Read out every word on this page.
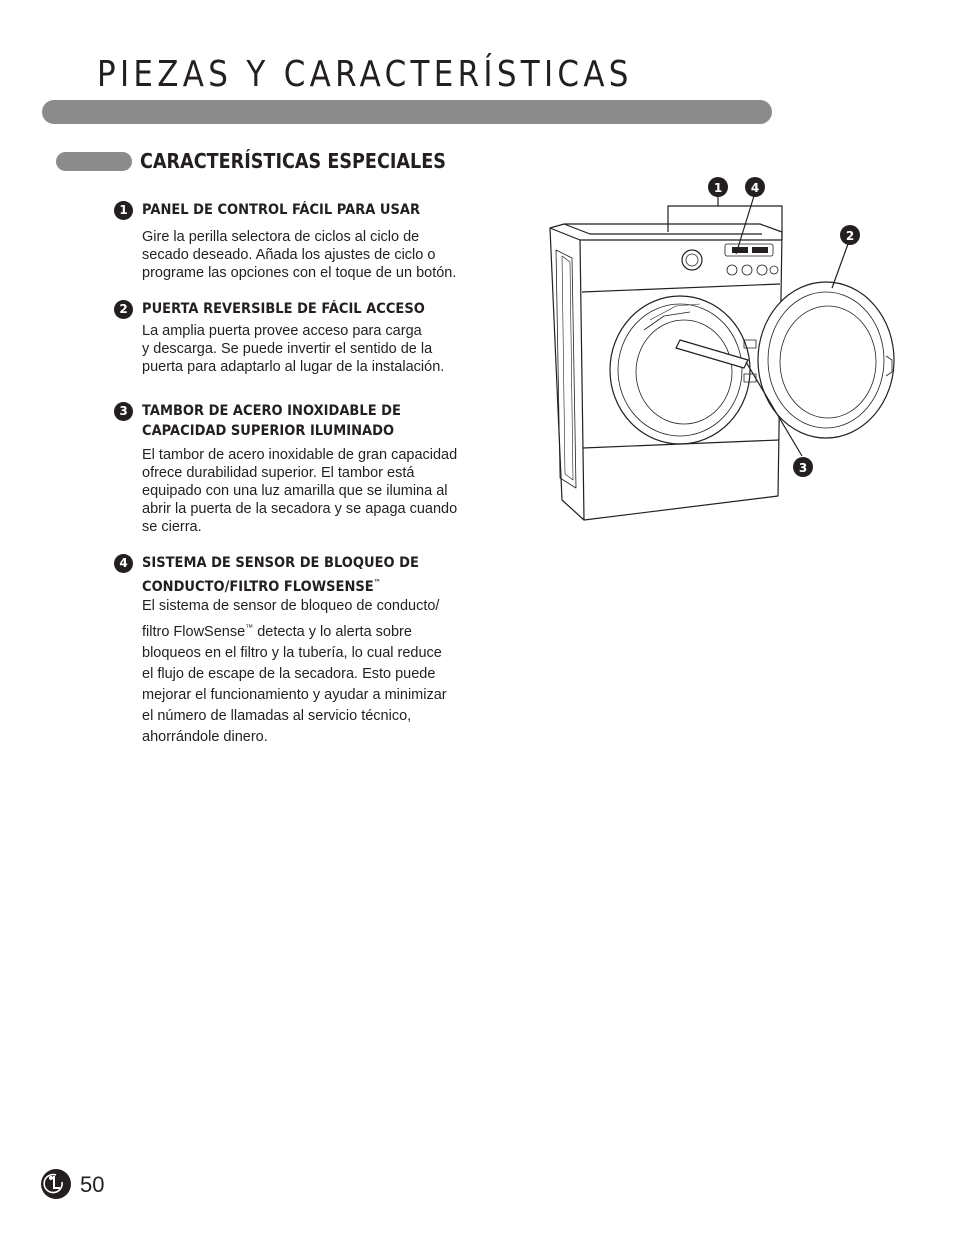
PIEZAS Y CARACTERÍSTICAS
CARACTERÍSTICAS ESPECIALES
1 PANEL DE CONTROL FÁCIL PARA USAR

Gire la perilla selectora de ciclos al ciclo de
secado deseado. Añada los ajustes de ciclo o
programe las opciones con el toque de un botón.

2 PUERTA REVERSIBLE DE FÁCIL ACCESO

La amplia puerta provee acceso para carga
y descarga. Se puede invertir el sentido de la
puerta para adaptarlo al lugar de la instalación.

3 TAMBOR DE ACERO INOXIDABLE DE
CAPACIDAD SUPERIOR ILUMINADO

El tambor de acero inoxidable de gran capacidad
ofrece durabilidad superior. El tambor está
equipado con una luz amarilla que se ilumina al
abrir la puerta de la secadora y se apaga cuando
se cierra.

4 SISTEMA DE SENSOR DE BLOQUEO DE
CONDUCTO/FILTRO FLOWSENSE™

El sistema de sensor de bloqueo de conducto/
filtro FlowSense™ detecta y lo alerta sobre
bloqueos en el filtro y la tubería, lo cual reduce
el flujo de escape de la secadora. Esto puede
mejorar el funcionamiento y ayudar a minimizar
el número de llamadas al servicio técnico,
ahorrándole dinero.

1 4
2
3

50
